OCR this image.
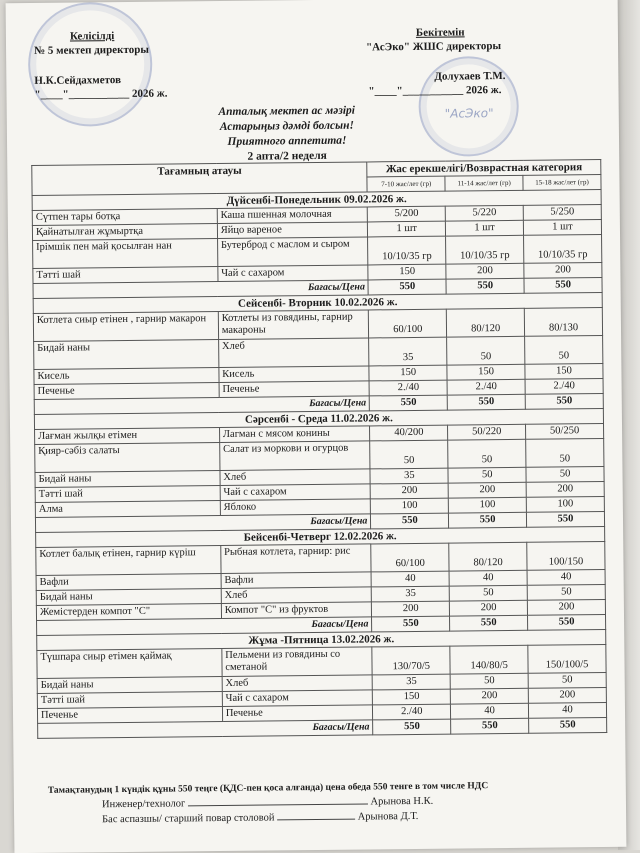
"АсЭко"
Келісілді
№ 5 мектеп директоры
Н.К.Сейдахметов
"____"___________ 2026 ж.
Бекітемін
"АсЭко" ЖШС директоры
Долухаев Т.М.
"____"___________ 2026 ж.
Апталық мектеп ас мәзірі
Астарыңыз дәмді болсын!
Приятного аппетита!
2 апта/2 неделя
Тағамның атауы		Жас ерекшелігі/Возврастная категория		
		7-10 жас/лет (гр)	11-14 жас/лет (гр)	15-18 жас/лет (гр)
Дүйсенбі-Понедельник 09.02.2026 ж.				
Сүтпен тары ботқа	Каша пшенная молочная	5/200	5/220	5/250
Қайнатылған жұмыртқа	Яйцо вареное	1 шт	1 шт	1 шт
Ірімшік пен май қосылған нан	Бутерброд с маслом и сыром	10/10/35 гр	10/10/35 гр	10/10/35 гр
Тәтті шай	Чай с сахаром	150	200	200
Бағасы/Цена		550	550	550
Сейсенбі- Вторник 10.02.2026 ж.				
Котлета сиыр етінен , гарнир макарон	Котлеты из говядины, гарнир макароны	60/100	80/120	80/130
Бидай наны	Хлеб	35	50	50
Кисель	Кисель	150	150	150
Печенье	Печенье	2./40	2./40	2./40
Бағасы/Цена		550	550	550
Сәрсенбі - Среда 11.02.2026 ж.				
Лағман жылқы етімен	Лагман с мясом конины	40/200	50/220	50/250
Қияр-сәбіз салаты	Салат из моркови и огурцов	50	50	50
Бидай наны	Хлеб	35	50	50
Тәтті шай	Чай с сахаром	200	200	200
Алма	Яблоко	100	100	100
Бағасы/Цена		550	550	550
Бейсенбі-Четверг 12.02.2026 ж.				
Котлет балық етінен, гарнир күріш	Рыбная котлета, гарнир: рис	60/100	80/120	100/150
Вафли	Вафли	40	40	40
Бидай наны	Хлеб	35	50	50
Жемістерден компот "С"	Компот "С" из фруктов	200	200	200
Бағасы/Цена		550	550	550
Жұма -Пятница 13.02.2026 ж.				
Түшпара сиыр етімен қаймақ	Пельмени из говядины со сметаной	130/70/5	140/80/5	150/100/5
Бидай наны	Хлеб	35	50	50
Тәтті шай	Чай с сахаром	150	200	200
Печенье	Печенье	2./40	40	40
Бағасы/Цена		550	550	550
Тамақтанудың 1 күндік құны 550 теңге (ҚДС-пен қоса алғанда) цена обеда 550 тенге в том числе НДС
Инженер/технолог	Арынова Н.К.
Бас аспазшы/ старший повар столовой	Арынова Д.Т.
